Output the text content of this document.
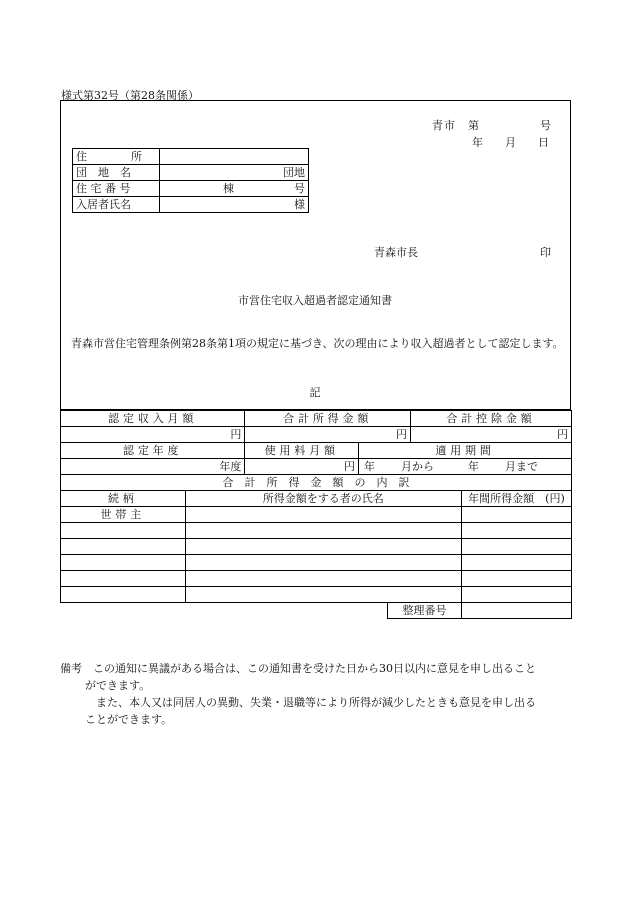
様式第32号（第28条関係）
青市　第　　　　　号
年　　月　　日
住　　　　所	
団　地　名	団地
住 宅 番 号	棟 号
入居者氏名	様
青森市長	印
市営住宅収入超過者認定通知書
青森市営住宅管理条例第28条第1項の規定に基づき、次の理由により収入超過者として認定します。
記
認定収入月額		合計所得金額			合計控除金額	
円		円			円	
認定年度		使用料月額	適用期間			
年度		円	年 月から 年 月まで			
合　計　所　得　金　額　の　内　訳						
続柄	所得金額をする者の氏名					年間所得金額　(円)
世帯主						

				整理番号		

備考　この通知に異議がある場合は、この通知書を受けた日から30日以内に意見を申し出ること

ができます。

また、本人又は同居人の異動、失業・退職等により所得が減少したときも意見を申し出る

ことができます。
